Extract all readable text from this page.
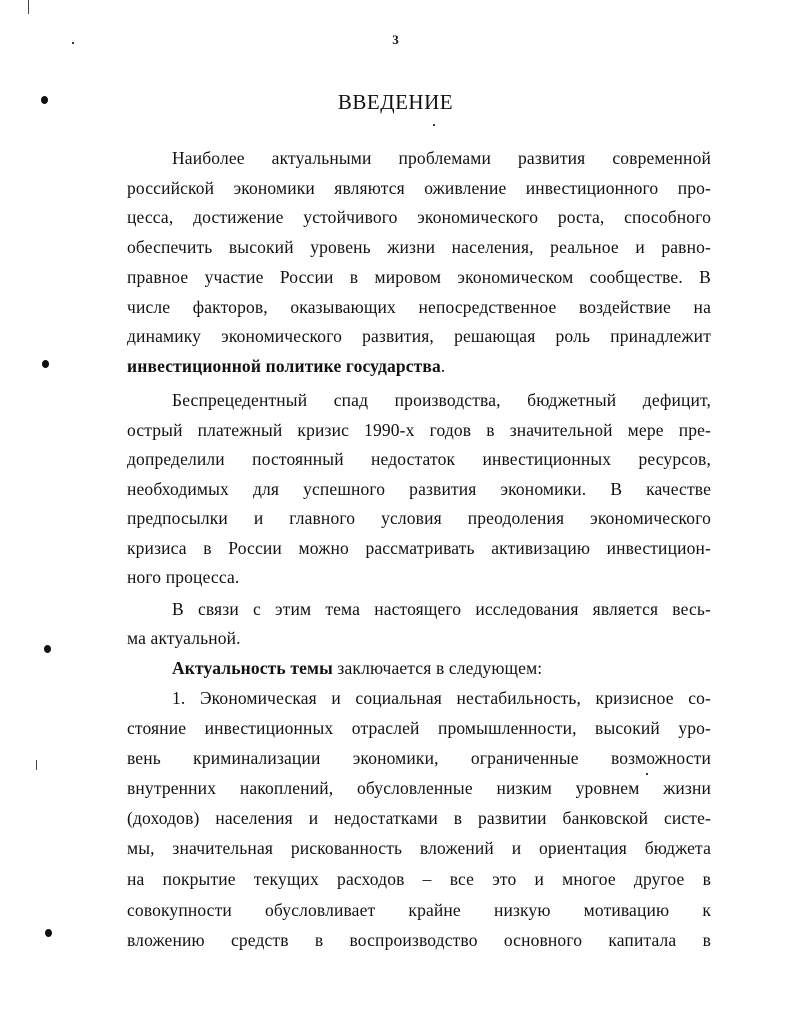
3
ВВЕДЕНИЕ
Наиболее актуальными проблемами развития современной
российской экономики являются оживление инвестиционного про-
цесса, достижение устойчивого экономического роста, способного
обеспечить высокий уровень жизни населения, реальное и равно-
правное участие России в мировом экономическом сообществе. В
числе факторов, оказывающих непосредственное воздействие на
динамику экономического развития, решающая роль принадлежит
инвестиционной политике государства.
Беспрецедентный спад производства, бюджетный дефицит,
острый платежный кризис 1990-х годов в значительной мере пре-
допределили постоянный недостаток инвестиционных ресурсов,
необходимых для успешного развития экономики. В качестве
предпосылки и главного условия преодоления экономического
кризиса в России можно рассматривать активизацию инвестицион-
ного процесса.
В связи с этим тема настоящего исследования является весь-
ма актуальной.
Актуальность темы заключается в следующем:
1. Экономическая и социальная нестабильность, кризисное со-
стояние инвестиционных отраслей промышленности, высокий уро-
вень криминализации экономики, ограниченные возможности
внутренних накоплений, обусловленные низким уровнем жизни
(доходов) населения и недостатками в развитии банковской систе-
мы, значительная рискованность вложений и ориентация бюджета
на покрытие текущих расходов – все это и многое другое в
совокупности обусловливает крайне низкую мотивацию к
вложению средств в воспроизводство основного капитала в
